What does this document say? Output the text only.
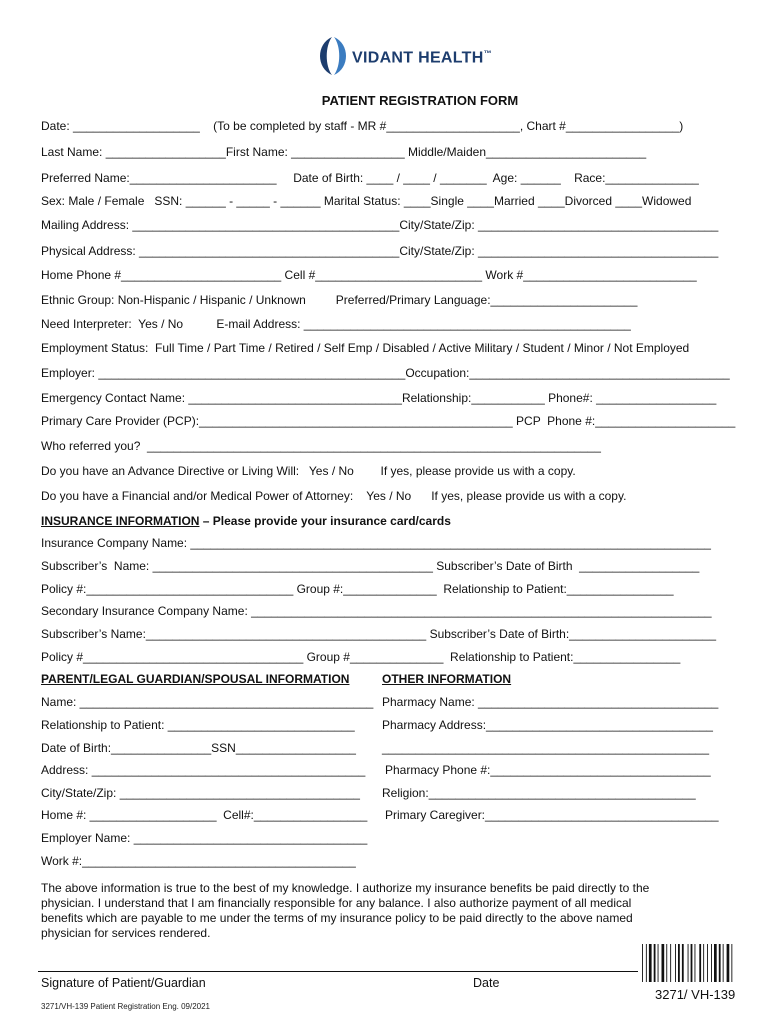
VIDANT HEALTH™
PATIENT REGISTRATION FORM
Date: ___________________    (To be completed by staff - MR #____________________, Chart #_________________)
Last Name: __________________First Name: _________________ Middle/Maiden________________________
Preferred Name:______________________     Date of Birth: ____ / ____ / _______  Age: ______    Race:______________
Sex: Male / Female   SSN: ______ - _____ - ______ Marital Status: ____Single ____Married ____Divorced ____Widowed
Mailing Address: ________________________________________City/State/Zip: ____________________________________
Physical Address: _______________________________________City/State/Zip: ____________________________________
Home Phone #________________________ Cell #_________________________ Work #__________________________
Ethnic Group: Non-Hispanic / Hispanic / Unknown         Preferred/Primary Language:______________________
Need Interpreter:  Yes / No          E-mail Address: _________________________________________________
Employment Status:  Full Time / Part Time / Retired / Self Emp / Disabled / Active Military / Student / Minor / Not Employed
Employer: ______________________________________________Occupation:_______________________________________
Emergency Contact Name: ________________________________Relationship:___________ Phone#: __________________
Primary Care Provider (PCP):_______________________________________________ PCP  Phone #:_____________________
Who referred you?  ____________________________________________________________________
Do you have an Advance Directive or Living Will:   Yes / No        If yes, please provide us with a copy.
Do you have a Financial and/or Medical Power of Attorney:    Yes / No      If yes, please provide us with a copy.
INSURANCE INFORMATION – Please provide your insurance card/cards
Insurance Company Name: ______________________________________________________________________________
Subscriber’s  Name: __________________________________________ Subscriber’s Date of Birth  __________________
Policy #:_______________________________ Group #:______________  Relationship to Patient:________________
Secondary Insurance Company Name: _____________________________________________________________________
Subscriber’s Name:__________________________________________ Subscriber’s Date of Birth:______________________
Policy #_________________________________ Group #______________  Relationship to Patient:________________
PARENT/LEGAL GUARDIAN/SPOUSAL INFORMATION
Name: ____________________________________________
Relationship to Patient: ____________________________
Date of Birth:_______________SSN__________________
Address: _________________________________________
City/State/Zip: ____________________________________
Home #: ___________________  Cell#:_________________
Employer Name: ___________________________________
Work #:_________________________________________
OTHER INFORMATION
Pharmacy Name: ____________________________________
Pharmacy Address:__________________________________
_________________________________________________
Pharmacy Phone #:_________________________________
Religion:________________________________________
Primary Caregiver:___________________________________
The above information is true to the best of my knowledge. I authorize my insurance benefits be paid directly to the physician. I understand that I am financially responsible for any balance. I also authorize payment of all medical benefits which are payable to me under the terms of my insurance policy to be paid directly to the above named physician for services rendered.
Signature of Patient/Guardian	Date
3271/ VH-139
3271/VH-139 Patient Registration Eng. 09/2021
